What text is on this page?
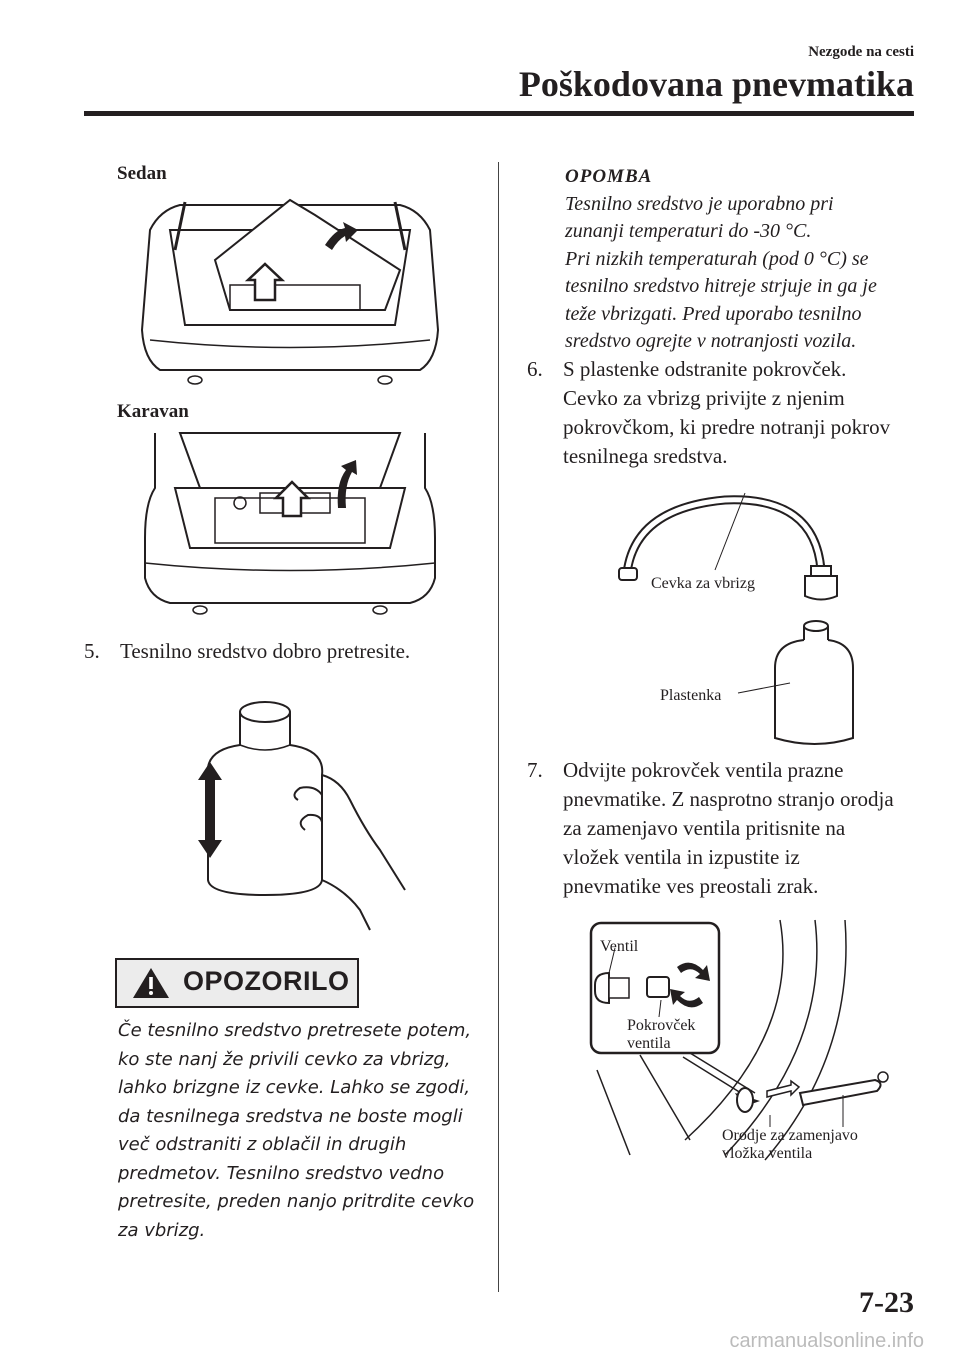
Nezgode na cesti
Poškodovana pnevmatika
Sedan
Karavan
5. Tesnilno sredstvo dobro pretresite.
OPOZORILO
Če tesnilno sredstvo pretresete potem,
ko ste nanj že privili cevko za vbrizg,
lahko brizgne iz cevke. Lahko se zgodi,
da tesnilnega sredstva ne boste mogli
več odstraniti z oblačil in drugih
predmetov. Tesnilno sredstvo vedno
pretresite, preden nanjo pritrdite cevko
za vbrizg.
OPOMBA
Tesnilno sredstvo je uporabno pri
zunanji temperaturi do -30 °C.
Pri nizkih temperaturah (pod 0 °C) se
tesnilno sredstvo hitreje strjuje in ga je
teže vbrizgati. Pred uporabo tesnilno
sredstvo ogrejte v notranjosti vozila.
6. S plastenke odstranite pokrovček.
Cevko za vbrizg privijte z njenim
pokrovčkom, ki predre notranji pokrov
tesnilnega sredstva.
Cevka za vbrizg
Plastenka
7. Odvijte pokrovček ventila prazne
pnevmatike. Z nasprotno stranjo orodja
za zamenjavo ventila pritisnite na
vložek ventila in izpustite iz
pnevmatike ves preostali zrak.
Ventil
Pokrovček
ventila
Orodje za zamenjavo
vložka ventila
7-23
carmanualsonline.info
